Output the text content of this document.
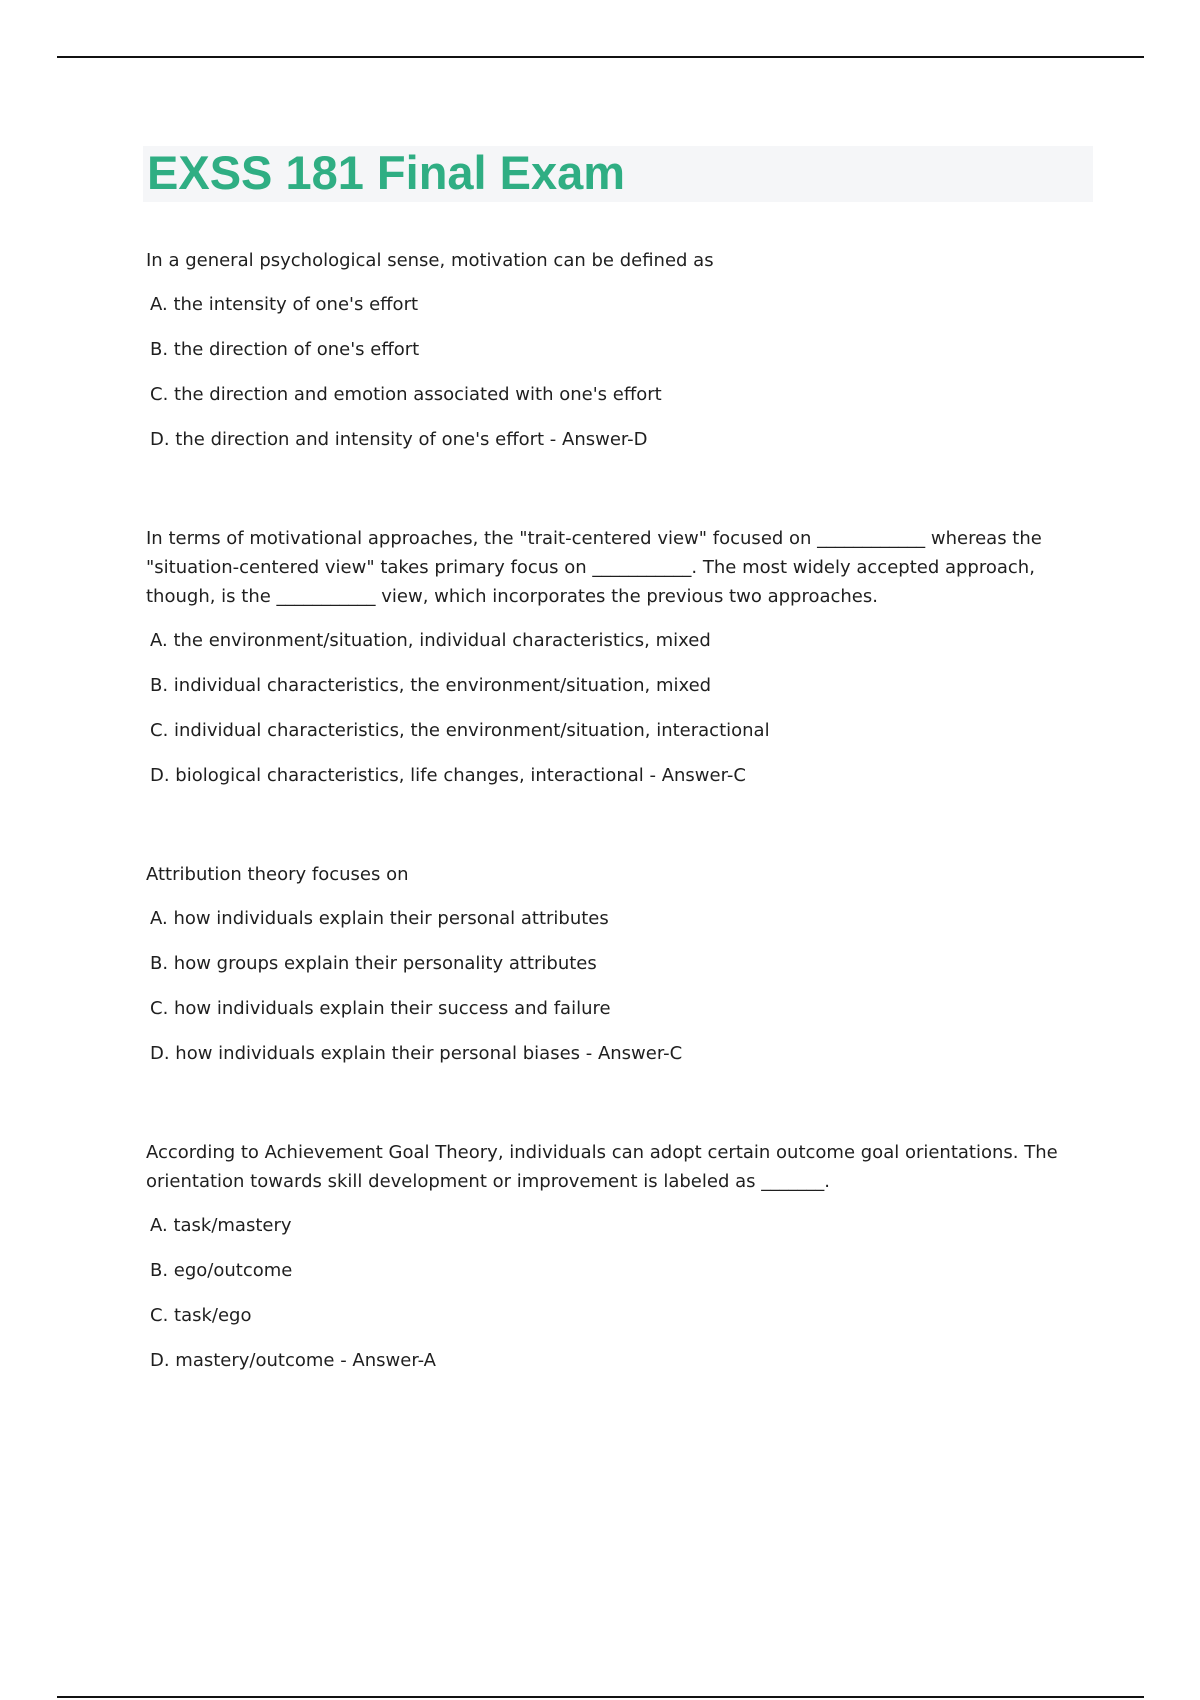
EXSS 181 Final Exam

In a general psychological sense, motivation can be defined as

A. the intensity of one's effort
B. the direction of one's effort
C. the direction and emotion associated with one's effort
D. the direction and intensity of one's effort - Answer-D

In terms of motivational approaches, the "trait-centered view" focused on ____________ whereas the "situation-centered view" takes primary focus on ___________. The most widely accepted approach, though, is the ___________ view, which incorporates the previous two approaches.

A. the environment/situation, individual characteristics, mixed
B. individual characteristics, the environment/situation, mixed
C. individual characteristics, the environment/situation, interactional
D. biological characteristics, life changes, interactional - Answer-C

Attribution theory focuses on

A. how individuals explain their personal attributes
B. how groups explain their personality attributes
C. how individuals explain their success and failure
D. how individuals explain their personal biases - Answer-C

According to Achievement Goal Theory, individuals can adopt certain outcome goal orientations. The orientation towards skill development or improvement is labeled as _______.

A. task/mastery
B. ego/outcome
C. task/ego
D. mastery/outcome - Answer-A
